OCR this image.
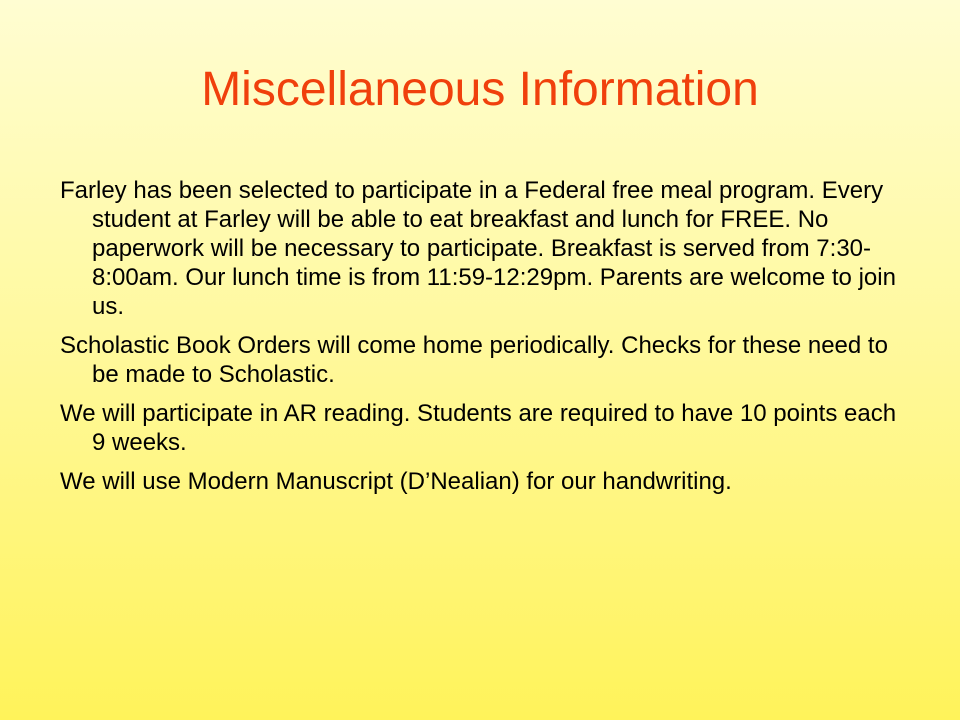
Miscellaneous Information
Farley has been selected to participate in a Federal free meal program. Every student at Farley will be able to eat breakfast and lunch for FREE. No paperwork will be necessary to participate. Breakfast is served from 7:30-8:00am. Our lunch time is from 11:59-12:29pm. Parents are welcome to join us.
Scholastic Book Orders will come home periodically. Checks for these need to be made to Scholastic.
We will participate in AR reading. Students are required to have 10 points each 9 weeks.
We will use Modern Manuscript (D’Nealian) for our handwriting.
